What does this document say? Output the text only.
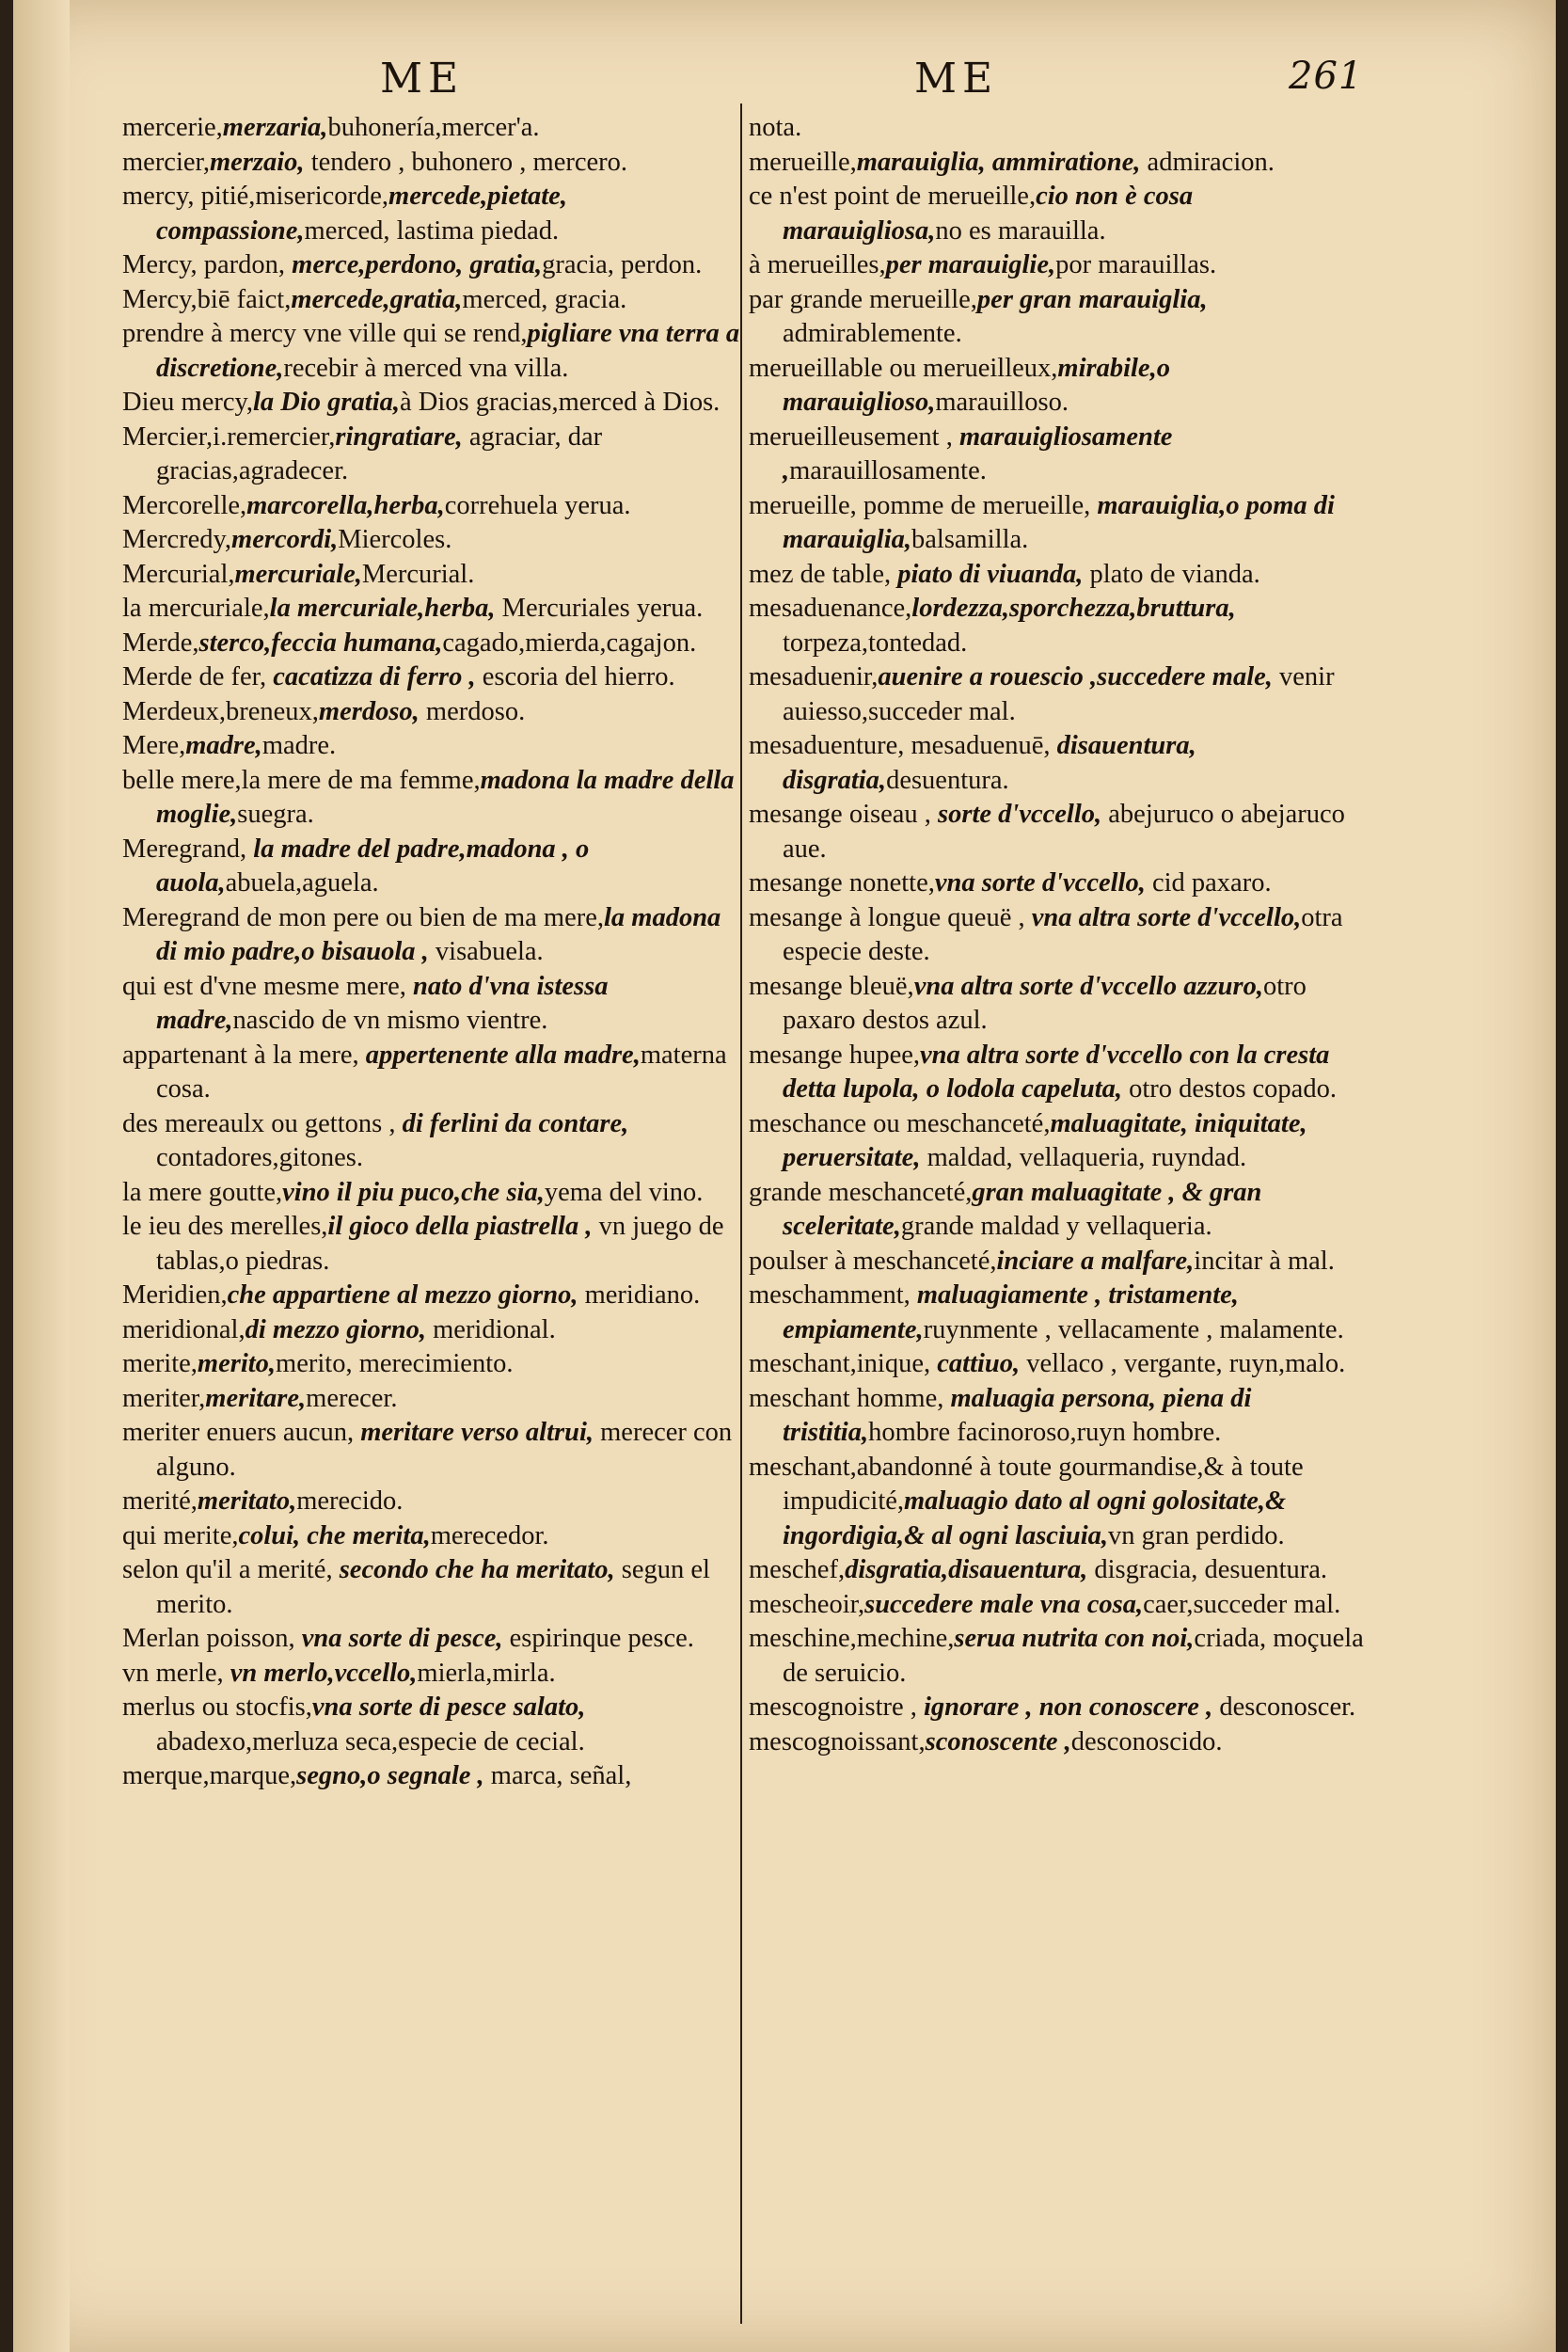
ME	ME	261

mercerie,merzaria,buhonería,mercer'a.

mercier,merzaio, tendero , buhonero , mercero.

mercy, pitié,misericorde,mercede,pietate, compassione,merced, lastima piedad.

Mercy, pardon, merce,perdono, gratia,gracia, perdon.

Mercy,biē faict,mercede,gratia,merced, gracia.

prendre à mercy vne ville qui se rend,pigliare vna terra a discretione,recebir à merced vna villa.

Dieu mercy,la Dio gratia,à Dios gracias,merced à Dios.

Mercier,i.remercier,ringratiare, agraciar, dar gracias,agradecer.

Mercorelle,marcorella,herba,correhuela yerua.

Mercredy,mercordi,Miercoles.

Mercurial,mercuriale,Mercurial.

la mercuriale,la mercuriale,herba, Mercuriales yerua.

Merde,sterco,feccia humana,cagado,mierda,cagajon.

Merde de fer, cacatizza di ferro , escoria del hierro.

Merdeux,breneux,merdoso, merdoso.

Mere,madre,madre.

belle mere,la mere de ma femme,madona la madre della moglie,suegra.

Meregrand, la madre del padre,madona , o auola,abuela,aguela.

Meregrand de mon pere ou bien de ma mere,la madona di mio padre,o bisauola , visabuela.

qui est d'vne mesme mere, nato d'vna istessa madre,nascido de vn mismo vientre.

appartenant à la mere, appertenente alla madre,materna cosa.

des mereaulx ou gettons , di ferlini da contare, contadores,gitones.

la mere goutte,vino il piu puco,che sia,yema del vino.

le ieu des merelles,il gioco della piastrella , vn juego de tablas,o piedras.

Meridien,che appartiene al mezzo giorno, meridiano.

meridional,di mezzo giorno, meridional.

merite,merito,merito, merecimiento.

meriter,meritare,merecer.

meriter enuers aucun, meritare verso altrui, merecer con alguno.

merité,meritato,merecido.

qui merite,colui, che merita,merecedor.

selon qu'il a merité, secondo che ha meritato, segun el merito.

Merlan poisson, vna sorte di pesce, espirinque pesce.

vn merle, vn merlo,vccello,mierla,mirla.

merlus ou stocfis,vna sorte di pesce salato, abadexo,merluza seca,especie de cecial.

merque,marque,segno,o segnale , marca, señal,

nota.

merueille,marauiglia, ammiratione, admiracion.

ce n'est point de merueille,cio non è cosa marauigliosa,no es marauilla.

à merueilles,per marauiglie,por marauillas.

par grande merueille,per gran marauiglia, admirablemente.

merueillable ou merueilleux,mirabile,o marauiglioso,marauilloso.

merueilleusement , marauigliosamente ,marauillosamente.

merueille, pomme de merueille, marauiglia,o poma di marauiglia,balsamilla.

mez de table, piato di viuanda, plato de vianda.

mesaduenance,lordezza,sporchezza,bruttura, torpeza,tontedad.

mesaduenir,auenire a rouescio ,succedere male, venir auiesso,succeder mal.

mesaduenture, mesaduenuē, disauentura, disgratia,desuentura.

mesange oiseau , sorte d'vccello, abejuruco o abejaruco aue.

mesange nonette,vna sorte d'vccello, cid paxaro.

mesange à longue queuë , vna altra sorte d'vccello,otra especie deste.

mesange bleuë,vna altra sorte d'vccello azzuro,otro paxaro destos azul.

mesange hupee,vna altra sorte d'vccello con la cresta detta lupola, o lodola capeluta, otro destos copado.

meschance ou meschanceté,maluagitate, iniquitate, peruersitate, maldad, vellaqueria, ruyndad.

grande meschanceté,gran maluagitate , & gran sceleritate,grande maldad y vellaqueria.

poulser à meschanceté,inciare a malfare,incitar à mal.

meschamment, maluagiamente , tristamente, empiamente,ruynmente , vellacamente , malamente.

meschant,inique, cattiuo, vellaco , vergante, ruyn,malo.

meschant homme, maluagia persona, piena di tristitia,hombre facinoroso,ruyn hombre.

meschant,abandonné à toute gourmandise,& à toute impudicité,maluagio dato al ogni golositate,& ingordigia,& al ogni lasciuia,vn gran perdido.

meschef,disgratia,disauentura, disgracia, desuentura.

mescheoir,succedere male vna cosa,caer,succeder mal.

meschine,mechine,serua nutrita con noi,criada, moçuela de seruicio.

mescognoistre , ignorare , non conoscere , desconoscer.

mescognoissant,sconoscente ,desconoscido.
